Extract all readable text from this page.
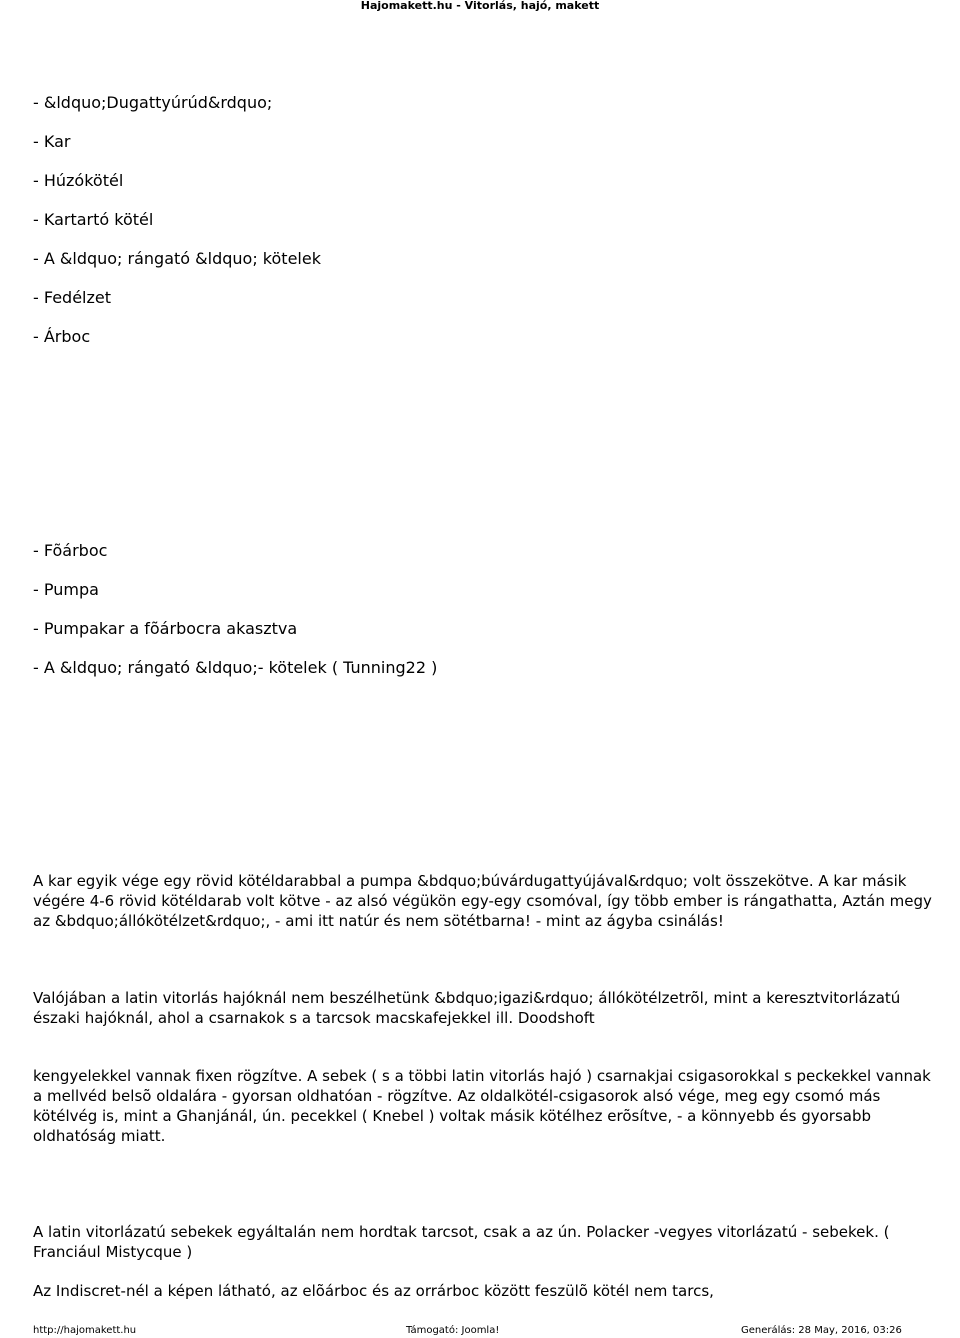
Hajomakett.hu - Vitorlás, hajó, makett
- &ldquo;Dugattyúrúd&rdquo;
- Kar
- Húzókötél
- Kartartó kötél
- A &ldquo; rángató &ldquo; kötelek
- Fedélzet
- Árboc
- Fõárboc
- Pumpa
- Pumpakar a fõárbocra akasztva
- A &ldquo; rángató &ldquo;- kötelek ( Tunning22 )
A kar egyik vége egy rövid kötéldarabbal a pumpa &bdquo;búvárdugattyújával&rdquo; volt összekötve. A kar másik végére 4-6 rövid kötéldarab volt kötve - az alsó végükön egy-egy csomóval, így több ember is rángathatta, Aztán megy az &bdquo;állókötélzet&rdquo;, - ami itt natúr és nem sötétbarna! - mint az ágyba csinálás!
Valójában a latin vitorlás hajóknál nem beszélhetünk &bdquo;igazi&rdquo; állókötélzetrõl, mint a keresztvitorlázatú északi hajóknál, ahol a csarnakok s a tarcsok macskafejekkel ill. Doodshoft
kengyelekkel vannak fixen rögzítve. A sebek ( s a többi latin vitorlás hajó ) csarnakjai csigasorokkal s peckekkel vannak a mellvéd belsõ oldalára - gyorsan oldhatóan - rögzítve. Az oldalkötél-csigasorok alsó vége, meg egy csomó más kötélvég is, mint a Ghanjánál, ún. pecekkel ( Knebel ) voltak másik kötélhez erõsítve, - a könnyebb és gyorsabb oldhatóság miatt.
A latin vitorlázatú sebekek egyáltalán nem hordtak tarcsot, csak a az ún. Polacker -vegyes vitorlázatú - sebekek. ( Franciául Mistycque )
Az Indiscret-nél a képen látható, az elõárboc és az orrárboc között feszülõ kötél nem tarcs,
http://hajomakett.hu	Támogató: Joomla!	Generálás: 28 May, 2016, 03:26
